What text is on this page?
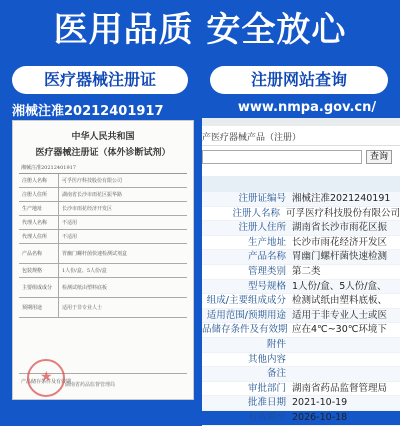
医用品质 安全放心
医疗器械注册证	注册网站查询
湘械注准20212401917	www.nmpa.gov.cn/
中华人民共和国
医疗器械注册证（体外诊断试剂）
湘械注准20212401917
注册人名称	可孚医疗科技股份有限公司
注册人住所	湖南省长沙市雨花区振华路
生产地址	长沙市雨花经济开发区
代理人名称	不适用
代理人住所	不适用
产品名称	胃幽门螺杆菌快速检测试剂盒
包装规格	1人份/盒、5人份/盒
主要组成成分	检测试纸由塑料底板
预期用途	适用于非专业人士
产品储存条件及有效期
★
湖南省药品监督管理局
产医疗器械产品（注册）
查询
注册证编号 湘械注准2021240191
注册人名称 可孚医疗科技股份有限公司
注册人住所 湖南省长沙市雨花区振
生产地址 长沙市雨花经济开发区
产品名称 胃幽门螺杆菌快速检测
管理类别 第二类
型号规格 1人份/盒、5人份/盒、
组成/主要组成成分 检测试纸由塑料底板、
适用范围/预期用途 适用于非专业人士或医
品储存条件及有效期 应在4℃~30℃环境下
附件
其他内容
备注
审批部门 湖南省药品监督管理局
批准日期 2021-10-19
有效期至 2026-10-18
